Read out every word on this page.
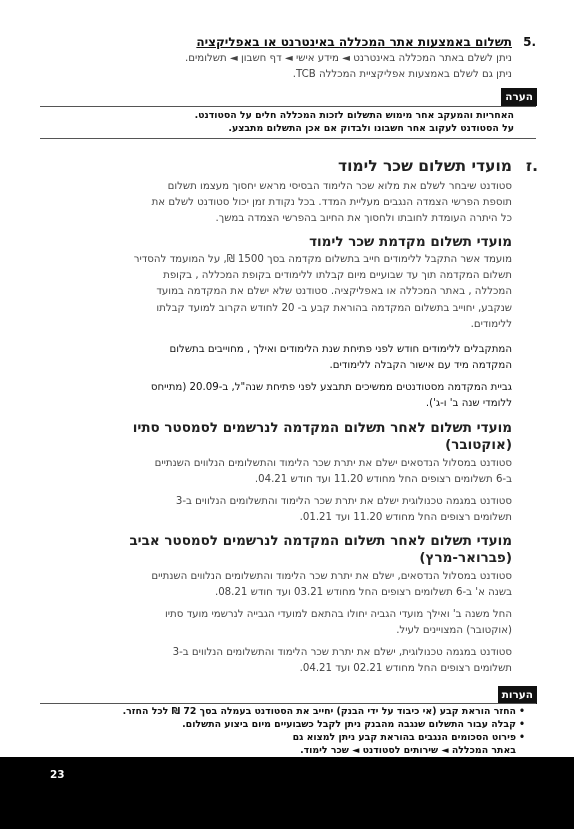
תשלום באמצעות אתר המכללה באינטרנט או באפליקציה .5
ניתן לשלם באתר המכללה באינטרנט ◄ מידע אישי ◄ דף חשבון ◄ תשלומים.
ניתן גם לשלם באמצעות אפליקציית המכללה TCB.
הערה
האחריות והמעקב אחר מימוש התשלום לזכות המכללה חלים על הסטודנט.
על הסטודנט לעקוב אחר חשבונו ולבדוק אם אכן התשלום מתבצע.
.ז
מועדי תשלום שכר לימוד
סטודנט שיבחר לשלם את מלוא שכר הלימוד הבסיסי מראש יחסוך מעצמו תשלום
תוספת הפרשי הצמדה הנגבים מעליית המדד. בכל נקודת זמן יכול סטודנט לשלם את
כל היתרה העומדת לחובתו ולחסוך את החיוב בהפרשי הצמדה במשך.
מועדי תשלום מקדמת שכר לימוד
מועמד אשר התקבל ללימודים חייב בתשלום מקדמה בסך 1500 ₪, על המועמד להסדיר
תשלום המקדמה תוך עד שבועיים מיום קבלתו ללימודים בקופת המכללה , בקופת
המכללה , באתר המכללה או באפליקציה. סטודנט שלא ישלם את המקדמה במועד
שנקבע, יחוייב בתשלום המקדמה בהוראת קבע ב- 20 לחודש הקרוב למועד קבלתו
ללימודים.
המתקבלים ללימודים חודש לפני פתיחת שנת הלימודים ואילך , מחוייבים בתשלום
המקדמה מיד עם אישור הקבלה ללימודים.
גביית המקדמה מסטודנטים ממשיכים תתבצע לפני פתיחת שנה"ל, ב-20.09 (מתייחס
ללומדי שנה ב' ו-ג').
מועדי תשלום לאחר תשלום המקדמה לנרשמים לסמסטר סתיו
(אוקטובר)
סטודנט במסלול הנדסאים ישלם את יתרת שכר הלימוד והתשלומים הנלווים השנתיים
ב-6 תשלומים רצופים החל מחודש 11.20 ועד חודש 04.21.
סטודנט במגמה טכנולוגית ישלם את יתרת שכר הלימוד והתשלומים הנלווים ב-3
תשלומים רצופים החל מחודש 11.20 ועד 01.21.
מועדי תשלום לאחר תשלום המקדמה לנרשמים לסמסטר אביב
(פברואר-מרץ)
סטודנט במסלול הנדסאים, ישלם את יתרת שכר הלימוד והתשלומים הנלווים השנתיים
בשנה א' ב-6 תשלומים רצופים החל מחודש 03.21 ועד חודש 08.21.
החל משנה ב' ואילך מועדי הגביה יחולו בהתאם למועדי הגבייה לנרשמי מועד סתיו
(אוקטובר) המצויינים לעיל.
סטודנט במגמה טכנולוגית, ישלם את יתרת שכר הלימוד והתשלומים הנלווים ב-3
תשלומים רצופים החל מחודש 02.21 ועד 04.21.
הערות
• החזר הוראת קבע (אי כיבוד על ידי הבנק) יחייב את הסטודנט בעמלה בסך 72 ₪ לכל החזר.
• קבלה עבור התשלום שנגבה מהבנק ניתן לקבל כשבועיים מיום ביצוע התשלום.
• פירוט הסכומים הנגבים בהוראת קבע ניתן למצוא גם
באתר המכללה ◄ שירותים לסטודנט ◄ שכר לימוד.
23
